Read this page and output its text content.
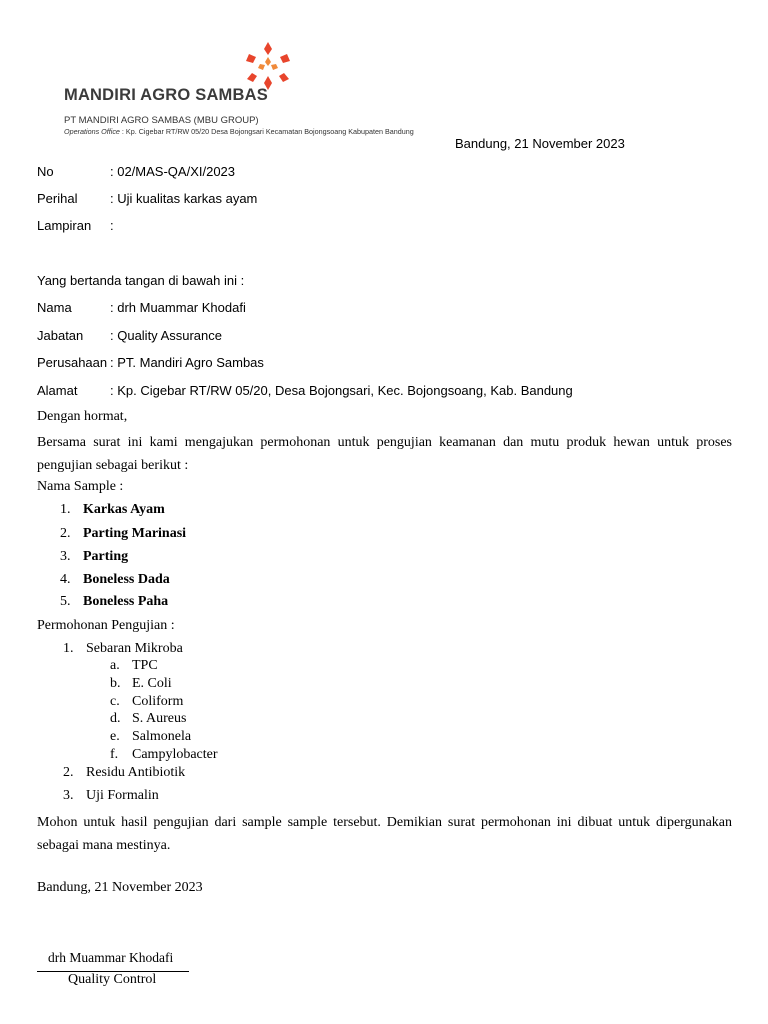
MANDIRI AGRO SAMBAS
PT MANDIRI AGRO SAMBAS (MBU GROUP)
Operations Office : Kp. Cigebar RT/RW 05/20 Desa Bojongsari Kecamatan Bojongsoang Kabupaten Bandung
Bandung, 21 November 2023
No	: 02/MAS-QA/XI/2023
Perihal	: Uji kualitas karkas ayam
Lampiran :
Yang bertanda tangan di bawah ini :
Nama	: drh Muammar Khodafi
Jabatan : Quality Assurance
Perusahaan : PT. Mandiri Agro Sambas
Alamat	: Kp. Cigebar RT/RW 05/20, Desa Bojongsari, Kec. Bojongsoang, Kab. Bandung
Dengan hormat,
Bersama surat ini kami mengajukan permohonan untuk pengujian keamanan dan mutu produk hewan untuk proses pengujian sebagai berikut :
Nama Sample :
1. Karkas Ayam
2. Parting Marinasi
3. Parting
4. Boneless Dada
5. Boneless Paha
Permohonan Pengujian :
1. Sebaran Mikroba
a. TPC
b. E. Coli
c. Coliform
d. S. Aureus
e. Salmonela
f. Campylobacter
2. Residu Antibiotik
3. Uji Formalin
Mohon untuk hasil pengujian dari sample sample tersebut. Demikian surat permohonan ini dibuat untuk dipergunakan sebagai mana mestinya.
Bandung, 21 November 2023
drh Muammar Khodafi
Quality Control
